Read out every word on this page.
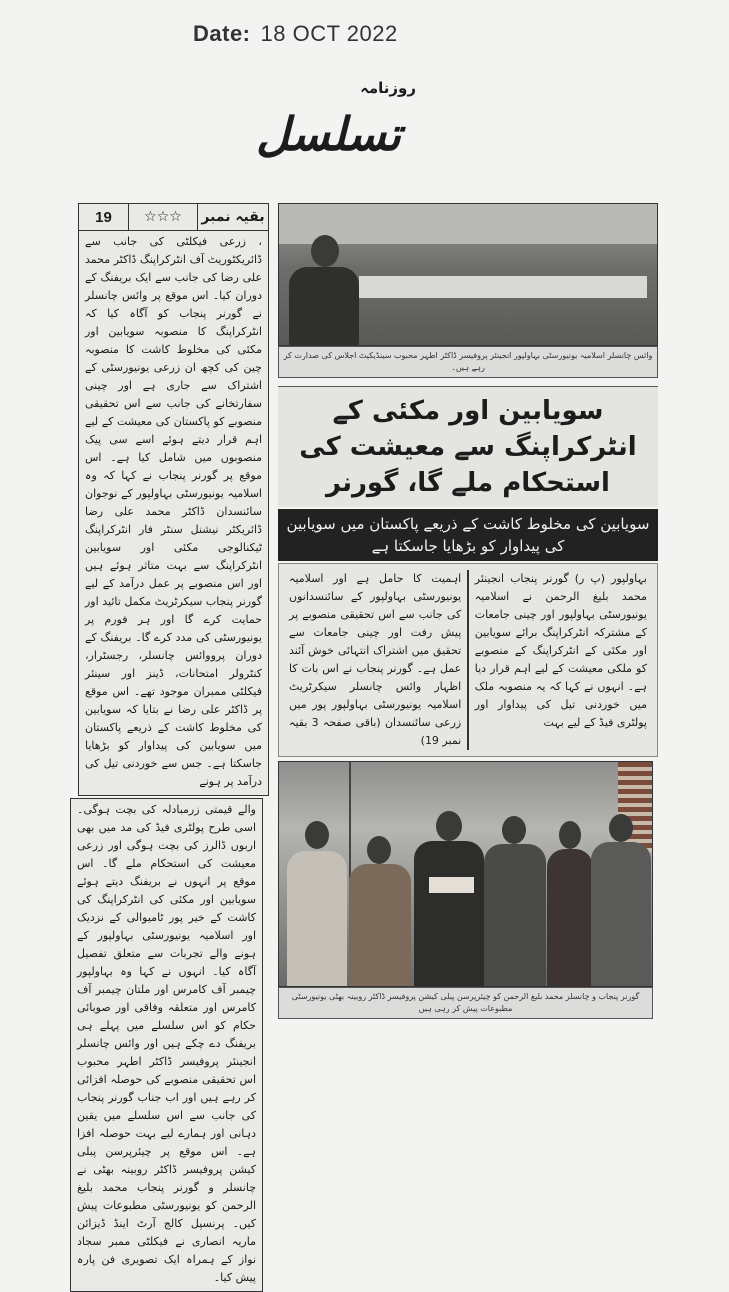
Date: 18 OCT 2022
روزنامہ
تسلسل
بقیہ نمبر
☆☆☆
19
، زرعی فیکلٹی کی جانب سے ڈائریکٹوریٹ آفانٹرکراپنگ ڈاکٹر محمد علی رضا کی جانب سے ایکبریفنگ کے دوران کیا۔ اس موقع پر وائس چانسلرنے گورنر پنجاب کو آگاہ کیا کہ انٹرکراپنگ کا منصوبہسویابین اور مکئی کی مخلوط کاشت کا منصوبہ چین کیکچھ ان زرعی یونیورسٹی کے اشتراک سے جاری ہےاور چینی سفارتخانے کی جانب سے اس تحقیقیمنصوبے کو پاکستان کی معیشت کے لیے اہم قراردیتے ہوئے اسے سی پیک منصوبوں میں شامل کیاہے۔ اس موقع پر گورنر پنجاب نے کہا کہ وہ اسلامیہیونیورسٹی بہاولپور کے نوجوان سائنسدان ڈاکٹر محمدعلی رضا ڈائریکٹر نیشنل سنٹر فار انٹرکراپنگ ٹیکنالوجیمکئی اور سویابین انٹرکراپنگ سے بہت متاثر ہوئےہیں اور اس منصوبے پر عمل درآمد کے لیے گورنرپنجاب سیکرٹریٹ مکمل تائید اور حمایت کرے گا اور ہرفورم پر یونیورسٹی کی مدد کرے گا۔ بریفنگ کےدوران پرووائس چانسلر، رجسٹرار، کنٹرولر امتحانات،ڈینز اور سینئر فیکلٹی ممبران موجود تھے۔ اس موقع پرڈاکٹر علی رضا نے بتایا کہ سویابین کی مخلوط کاشتکے ذریعے پاکستان میں سویابین کی پیداوار کو بڑھایاجاسکتا ہے۔ جس سے خوردنی تیل کی درآمد پر ہونے
والے قیمتی زرمبادلہ کی بچت ہوگی۔ اسی طرح پولٹریفیڈ کی مد میں بھی اربوں ڈالرز کی بچت ہوگی اور زرعیمعیشت کی استحکام ملے گا۔ اس موقع پر انہوں نےبریفنگ دیتے ہوئے سویابین اور مکئی کی انٹرکراپنگکی کاشت کے خیر پور ٹامیوالی کے نزدیک اوراسلامیہ یونیورسٹی بہاولپور کے ہونے والےتجربات سے متعلق تفصیل آگاہ کیا۔ انہوں نے کہا وہبہاولپور چیمبر آف کامرس اور ملتان چیمبر آفکامرس اور متعلقہ وفاقی اور صوبائی حکام کو اس سلسلےمیں پہلے ہی بریفنگ دے چکے ہیں اور وائس چانسلرانجینئر پروفیسر ڈاکٹر اطہر محبوب اس تحقیقی منصوبے کیحوصلہ افزائی کر رہے ہیں اور اب جناب گورنرپنجاب کی جانب سے اس سلسلے میں یقین دہانی اورہمارے لیے بہت حوصلہ افزا ہے۔ اس موقع پرچیئرپرسن پبلی کیشن پروفیسر ڈاکٹر روبینہ بھٹی نےچانسلر و گورنر پنجاب محمد بلیغ الرحمن کو یونیورسٹیمطبوعات پیش کیں۔ پرنسپل کالج آرٹ اینڈڈیزائن ماریہ انصاری نے فیکلٹی ممبر سجاد نواز کے ہمراہایک تصویری فن پارہ پیش کیا۔
وائس چانسلر اسلامیہ یونیورسٹی بہاولپور انجینئر پروفیسر ڈاکٹر اطہر محبوب سینڈیکیٹ اجلاس کی صدارت کر رہے ہیں۔
سویابین اور مکئی کے انٹرکراپنگ سے معیشت کی استحکام ملے گا، گورنر
سویابین کی مخلوط کاشت کے ذریعے پاکستان میں سویابین کی پیداوار کو بڑھایا جاسکتا ہے
بہاولپور (پ ر) گورنر پنجاب انجینئر محمد بلیغ الرحمننے اسلامیہ یونیورسٹی بہاولپور اور چینی جامعات کےمشترکہ انٹرکراپنگ برائے سویابین اور مکئی کےانٹرکراپنگ کے منصوبے کو ملکی معیشت کے لیے اہمقرار دیا ہے۔ انہوں نے کہا کہ یہ منصوبہ ملک میںخوردنی تیل کی پیداوار اور پولٹری فیڈ کے لیے بہت
اہمیت کا حامل ہے اور اسلامیہ یونیورسٹی بہاولپورکے سائنسدانوں کی جانب سے اس تحقیقی منصوبے پرپیش رفت اور چینی جامعات سے تحقیق میں اشتراکانتہائی خوش آئند عمل ہے۔ گورنر پنجاب نے اس بات کااظہار وائس چانسلر سیکرٹریٹ اسلامیہ یونیورسٹی بہاولپورپور میں زرعی سائنسدان (باقی صفحہ 3 بقیہ نمبر 19)
گورنر پنجاب و چانسلر محمد بلیغ الرحمن کو چیئرپرسن پبلی کیشن پروفیسر ڈاکٹر روبینہ بھٹی یونیورسٹی مطبوعات پیش کر رہی ہیں
